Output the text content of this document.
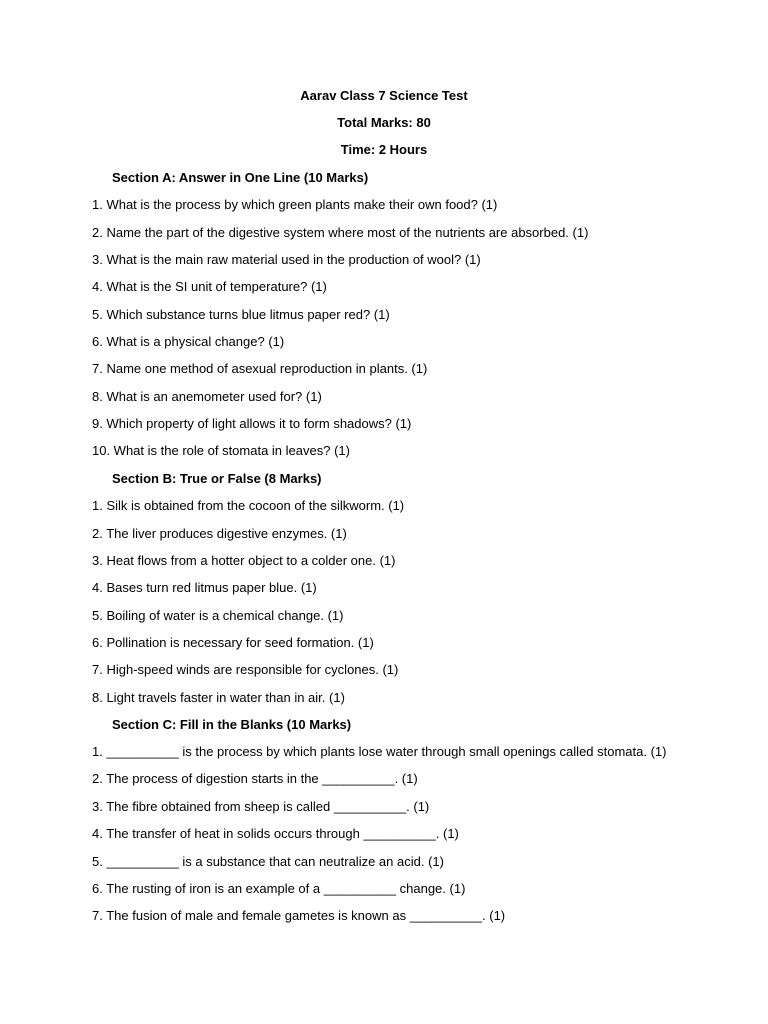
Aarav Class 7 Science Test
Total Marks: 80
Time: 2 Hours
Section A: Answer in One Line (10 Marks)
1. What is the process by which green plants make their own food? (1)
2. Name the part of the digestive system where most of the nutrients are absorbed. (1)
3. What is the main raw material used in the production of wool? (1)
4. What is the SI unit of temperature? (1)
5. Which substance turns blue litmus paper red? (1)
6. What is a physical change? (1)
7. Name one method of asexual reproduction in plants. (1)
8. What is an anemometer used for? (1)
9. Which property of light allows it to form shadows? (1)
10. What is the role of stomata in leaves? (1)
Section B: True or False (8 Marks)
1. Silk is obtained from the cocoon of the silkworm. (1)
2. The liver produces digestive enzymes. (1)
3. Heat flows from a hotter object to a colder one. (1)
4. Bases turn red litmus paper blue. (1)
5. Boiling of water is a chemical change. (1)
6. Pollination is necessary for seed formation. (1)
7. High-speed winds are responsible for cyclones. (1)
8. Light travels faster in water than in air. (1)
Section C: Fill in the Blanks (10 Marks)
1. __________ is the process by which plants lose water through small openings called stomata. (1)
2. The process of digestion starts in the __________. (1)
3. The fibre obtained from sheep is called __________. (1)
4. The transfer of heat in solids occurs through __________. (1)
5. __________ is a substance that can neutralize an acid. (1)
6. The rusting of iron is an example of a __________ change. (1)
7. The fusion of male and female gametes is known as __________. (1)
